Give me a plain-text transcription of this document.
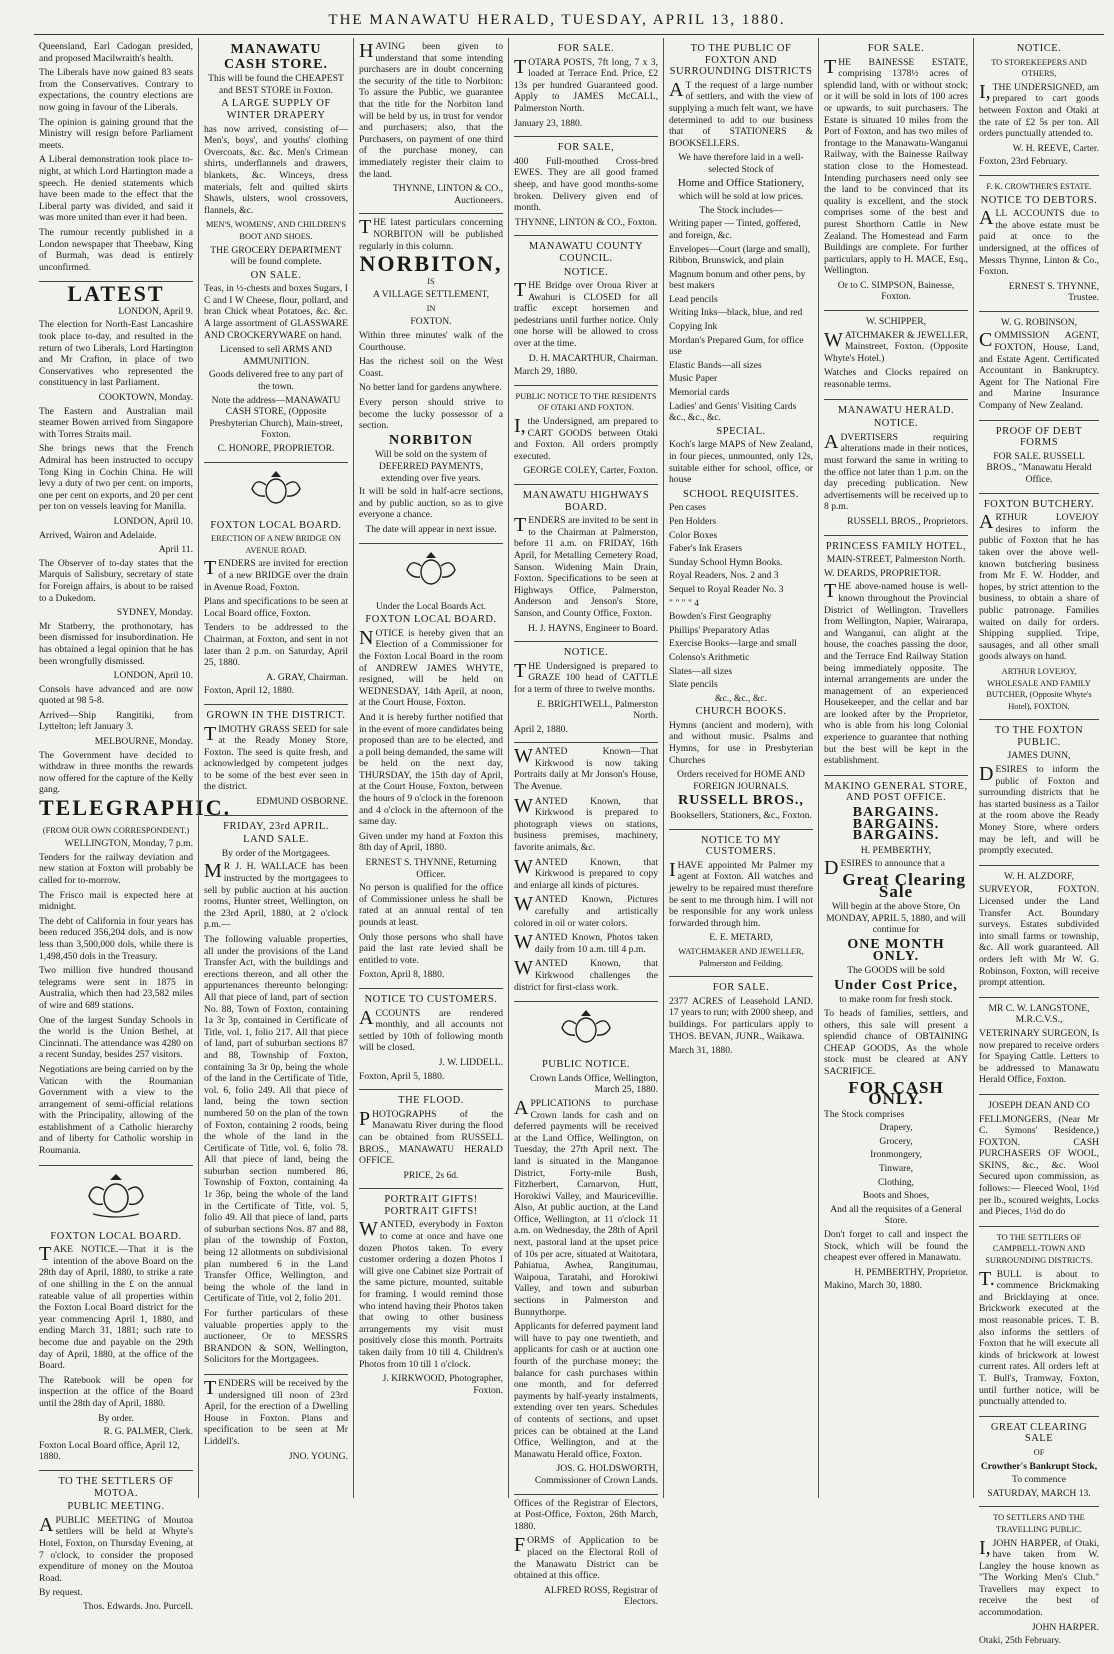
THE MANAWATU HERALD, TUESDAY, APRIL 13, 1880.

Queensland, Earl Cadogan presided, and proposed Macilwraith's health.

The Liberals have now gained 83 seats from the Conservatives. Contrary to expectations, the country elections are now going in favour of the Liberals.

The opinion is gaining ground that the Ministry will resign before Parliament meets.

A Liberal demonstration took place to-night, at which Lord Hartington made a speech. He denied statements which have been made to the effect that the Liberal party was divided, and said it was more united than ever it had been.

The rumour recently published in a London newspaper that Theebaw, King of Burmah, was dead is entirely unconfirmed.

LATEST

LONDON, April 9.

The election for North-East Lancashire took place to-day, and resulted in the return of two Liberals, Lord Hartington and Mr Crafton, in place of two Conservatives who represented the constituency in last Parliament.

COOKTOWN, Monday.

The Eastern and Australian mail steamer Bowen arrived from Singapore with Torres Straits mail.

She brings news that the French Admiral has been instructed to occupy Tong King in Cochin China. He will levy a duty of two per cent. on imports, one per cent on exports, and 20 per cent per ton on vessels leaving for Manilla.

LONDON, April 10.

Arrived, Wairon and Adelaide.

April 11.

The Observer of to-day states that the Marquis of Salisbury, secretary of state for Foreign affairs, is about to be raised to a Dukedom.

SYDNEY, Monday.

Mr Statberry, the prothonotary, has been dismissed for insubordination. He has obtained a legal opinion that he has been wrongfully dismissed.

LONDON, April 10.

Consols have advanced and are now quoted at 98 5-8.

Arrived—Ship Rangitiki, from Lyttelton; left January 3.

MELBOURNE, Monday.

The Government have decided to withdraw in three months the rewards now offered for the capture of the Kelly gang.

TELEGRAPHIC.

(FROM OUR OWN CORRESPONDENT.)

WELLINGTON, Monday, 7 p.m.

Tenders for the railway deviation and new station at Foxton will probably be called for to-morrow.

The Frisco mail is expected here at midnight.

The debt of California in four years has been reduced 356,204 dols, and is now less than 3,500,000 dols, while there is 1,498,450 dols in the Treasury.

Two million five hundred thousand telegrams were sent in 1875 in Australia, which then had 23,582 miles of wire and 689 stations.

One of the largest Sunday Schools in the world is the Union Bethel, at Cincinnati. The attendance was 4280 on a recent Sunday, besides 257 visitors.

Negotiations are being carried on by the Vatican with the Roumanian Government with a view to the arrangement of semi-official relations with the Principality, allowing of the establishment of a Catholic hierarchy and of liberty for Catholic worship in Roumania.

FOXTON LOCAL BOARD.

TAKE NOTICE.—That it is the intention of the above Board on the 28th day of April, 1880, to strike a rate of one shilling in the £ on the annual rateable value of all properties within the Foxton Local Board district for the year commencing April 1, 1880, and ending March 31, 1881; such rate to become due and payable on the 29th day of April, 1880, at the office of the Board.

The Ratebook will be open for inspection at the office of the Board until the 28th day of April, 1880.

By order.

R. G. PALMER, Clerk.

Foxton Local Board office, April 12, 1880.

TO THE SETTLERS OF MOTOA.
PUBLIC MEETING.

APUBLIC MEETING of Moutoa settlers will be held at Whyte's Hotel, Foxton, on Thursday Evening, at 7 o'clock, to consider the proposed expenditure of money on the Moutoa Road.

By request.

Thos. Edwards. Jno. Purcell.

MANAWATU
CASH STORE.

This will be found the CHEAPEST and BEST STORE in Foxton.

A LARGE SUPPLY OF WINTER DRAPERY

has now arrived, consisting of—Men's, boys', and youths' clothing Overcoats, &c. &c. Men's Crimean shirts, underflannels and drawers, blankets, &c. Winceys, dress materials, felt and quilted skirts Shawls, ulsters, wool crossovers, flannels, &c.

MEN'S, WOMENS', AND CHILDREN'S BOOT AND SHOES.

THE GROCERY DEPARTMENT will be found complete.

ON SALE.

Teas, in ½-chests and boxes Sugars, I C and I W Cheese, flour, pollard, and bran Chick wheat Potatoes, &c. &c. A large assortment of GLASSWARE AND CROCKERYWARE on hand.

Licensed to sell ARMS AND AMMUNITION.

Goods delivered free to any part of the town.

Note the address—MANAWATU CASH STORE, (Opposite Presbyterian Church), Main-street, Foxton.

C. HONORE, PROPRIETOR.

FOXTON LOCAL BOARD.
ERECTION OF A NEW BRIDGE ON AVENUE ROAD.

TENDERS are invited for erection of a new BRIDGE over the drain in Avenue Road, Foxton.

Plans and specifications to be seen at Local Board office, Foxton.

Tenders to be addressed to the Chairman, at Foxton, and sent in not later than 2 p.m. on Saturday, April 25, 1880.

A. GRAY, Chairman.

Foxton, April 12, 1880.

GROWN IN THE DISTRICT.

TIMOTHY GRASS SEED for sale at the Ready Money Store, Foxton. The seed is quite fresh, and acknowledged by competent judges to be some of the best ever seen in the district.

EDMUND OSBORNE.

FRIDAY, 23rd APRIL.
LAND SALE.

By order of the Mortgagees.

MR J. H. WALLACE has been instructed by the mortgagees to sell by public auction at his auction rooms, Hunter street, Wellington, on the 23rd April, 1880, at 2 o'clock p.m.—

The following valuable properties, all under the provisions of the Land Transfer Act, with the buildings and erections thereon, and all other the appurtenances thereunto belonging: All that piece of land, part of section No. 88, Town of Foxton, containing 1a 3r 3p, contained in Certificate of Title, vol. 1, folio 217. All that piece of land, part of suburban sections 87 and 88, Township of Foxton, containing 3a 3r 0p, being the whole of the land in the Certificate of Title, vol. 6, folio 249. All that piece of land, being the town section numbered 50 on the plan of the town of Foxton, containing 2 roods, being the whole of the land in the Certificate of Title, vol. 6, folio 78. All that piece of land, being the suburban section numbered 86, Township of Foxton, containing 4a 1r 36p, being the whole of the land in the Certificate of Title, vol. 5, folio 49. All that piece of land, parts of suburban sections Nos. 87 and 88, plan of the township of Foxton, being 12 allotments on subdivisional plan numbered 6 in the Land Transfer Office, Wellington, and being the whole of the land in Certificate of Title, vol 2, folio 201.

For further particulars of these valuable properties apply to the auctioneer, Or to MESSRS BRANDON & SON, Wellington, Solicitors for the Mortgagees.

TENDERS will be received by the undersigned till noon of 23rd April, for the erection of a Dwelling House in Foxton. Plans and specification to be seen at Mr Liddell's.

JNO. YOUNG.

HAVING been given to understand that some intending purchasers are in doubt concerning the security of the title to Norbiton: To assure the Public, we guarantee that the title for the Norbiton land will be held by us, in trust for vendor and purchasers; also, that the Purchasers, on payment of one third of the purchase money, can immediately register their claim to the land.

THYNNE, LINTON & CO., Auctioneers.

THE latest particulars concerning NORBITON will be published regularly in this column.

NORBITON,

IS

A VILLAGE SETTLEMENT,

IN

FOXTON.

Within three minutes' walk of the Courthouse.

Has the richest soil on the West Coast.

No better land for gardens anywhere.

Every person should strive to become the lucky possessor of a section.

NORBITON

Will be sold on the system of DEFERRED PAYMENTS, extending over five years.

It will be sold in half-acre sections, and by public auction, so as to give everyone a chance.

The date will appear in next issue.

Under the Local Boards Act.

FOXTON LOCAL BOARD.

NOTICE is hereby given that an Election of a Commissioner for the Foxton Local Board in the room of ANDREW JAMES WHYTE, resigned, will be held on WEDNESDAY, 14th April, at noon, at the Court House, Foxton.

And it is hereby further notified that in the event of more candidates being proposed than are to be elected, and a poll being demanded, the same will be held on the next day, THURSDAY, the 15th day of April, at the Court House, Foxton, between the hours of 9 o'clock in the forenoon and 4 o'clock in the afternoon of the same day.

Given under my hand at Foxton this 8th day of April, 1880.

ERNEST S. THYNNE, Returning Officer.

No person is qualified for the office of Commissioner unless he shall be rated at an annual rental of ten pounds at least.

Only those persons who shall have paid the last rate levied shall be entitled to vote.

Foxton, April 8, 1880.

NOTICE TO CUSTOMERS.

ACCOUNTS are rendered monthly, and all accounts not settled by 10th of following month will be closed.

J. W. LIDDELL.

Foxton, April 5, 1880.

THE FLOOD.

PHOTOGRAPHS of the Manawatu River during the flood can be obtained from RUSSELL BROS., MANAWATU HERALD OFFICE.

PRICE, 2s 6d.

PORTRAIT GIFTS! PORTRAIT GIFTS!

WANTED, everybody in Foxton to come at once and have one dozen Photos taken. To every customer ordering a dozen Photos I will give one Cabinet size Portrait of the same picture, mounted, suitable for framing. I would remind those who intend having their Photos taken that owing to other business arrangements my visit must positively close this month. Portraits taken daily from 10 till 4. Children's Photos from 10 till 1 o'clock.

J. KIRKWOOD, Photographer, Foxton.

FOR SALE.

TOTARA POSTS, 7ft long, 7 x 3, loaded at Terrace End. Price, £2 13s per hundred Guaranteed good. Apply to JAMES McCALL, Palmerston North.

January 23, 1880.

FOR SALE,

400 Full-mouthed Cross-bred EWES. They are all good framed sheep, and have good months-some broken. Delivery given end of month.

THYNNE, LINTON & CO., Foxton.

MANAWATU COUNTY COUNCIL.
NOTICE.

THE Bridge over Oroua River at Awahuri is CLOSED for all traffic except horsemen and pedestrians until further notice. Only one horse will be allowed to cross over at the time.

D. H. MACARTHUR, Chairman.

March 29, 1880.

PUBLIC NOTICE TO THE RESIDENTS OF OTAKI AND FOXTON.

I,the Undersigned, am prepared to CART GOODS between Otaki and Foxton. All orders promptly executed.

GEORGE COLEY, Carter, Foxton.

MANAWATU HIGHWAYS BOARD.

TENDERS are invited to be sent in to the Chairman at Palmerston, before 11 a.m. on FRIDAY, 16th April, for Metalling Cemetery Road, Sanson. Widening Main Drain, Foxton. Specifications to be seen at Highways Office, Palmerston, Anderson and Jenson's Store, Sanson, and County Office, Foxton.

H. J. HAYNS, Engineer to Board.

NOTICE.

THE Undersigned is prepared to GRAZE 100 head of CATTLE for a term of three to twelve months.

E. BRIGHTWELL, Palmerston North.

April 2, 1880.

WANTED Known—That Kirkwood is now taking Portraits daily at Mr Jonson's House, The Avenue.

WANTED Known, that Kirkwood is prepared to photograph views on stations, business premises, machinery, favorite animals, &c.

WANTED Known, that Kirkwood is prepared to copy and enlarge all kinds of pictures.

WANTED Known, Pictures carefully and artistically colored in oil or water colors.

WANTED Known, Photos taken daily from 10 a.m. till 4 p.m.

WANTED Known, that Kirkwood challenges the district for first-class work.

PUBLIC NOTICE.

Crown Lands Office, Wellington, March 25, 1880.

APPLICATIONS to purchase Crown lands for cash and on deferred payments will be received at the Land Office, Wellington, on Tuesday, the 27th April next. The land is situated in the Manganoe District, Forty-mile Bush, Fitzherbert, Carnarvon, Hutt, Horokiwi Valley, and Mauricevillie. Also, At public auction, at the Land Office, Wellington, at 11 o'clock 11 a.m. on Wednesday, the 28th of April next, pastoral land at the upset price of 10s per acre, situated at Waitotara, Pahiatua, Awhea, Rangitumau, Waipoua, Taratahi, and Horokiwi Valley, and town and suburban sections in Palmerston and Bunnythorpe.

Applicants for deferred payment land will have to pay one twentieth, and applicants for cash or at auction one fourth of the purchase money; the balance for cash purchases within one month, and for deferred payments by half-yearly instalments, extending over ten years. Schedules of contents of sections, and upset prices can be obtained at the Land Office, Wellington, and at the Manawatu Herald office, Foxton.

JOS. G. HOLDSWORTH, Commissioner of Crown Lands.

Offices of the Registrar of Electors, at Post-Office, Foxton, 26th March, 1880.

FORMS of Application to be placed on the Electoral Roll of the Manawatu District can be obtained at this office.

ALFRED ROSS, Registrar of Electors.

TO THE PUBLIC OF FOXTON AND SURROUNDING DISTRICTS

AT the request of a large number of settlers, and with the view of supplying a much felt want, we have determined to add to our business that of STATIONERS & BOOKSELLERS.

We have therefore laid in a well-selected Stock of

Home and Office Stationery,

which will be sold at low prices.

The Stock includes—

Writing paper — Tinted, goffered, and foreign, &c.

Envelopes—Court (large and small), Ribbon, Brunswick, and plain

Magnum bonum and other pens, by best makers

Lead pencils

Writing Inks—black, blue, and red

Copying Ink

Mordan's Prepared Gum, for office use

Elastic Bands—all sizes

Music Paper

Memorial cards

Ladies' and Gents' Visiting Cards &c., &c., &c.

SPECIAL.

Koch's large MAPS of New Zealand, in four pieces, unmounted, only 12s, suitable either for school, office, or house

SCHOOL REQUISITES.

Pen cases

Pen Holders

Color Boxes

Faber's Ink Erasers

Sunday School Hymn Books.

Royal Readers, Nos. 2 and 3

Sequel to Royal Reader No. 3

" " " " 4

Bowden's First Geography

Phillips' Preparatory Atlas

Exercise Books—large and small

Colenso's Arithmetic

Slates—all sizes

Slate pencils

&c., &c., &c.

CHURCH BOOKS.

Hymns (ancient and modern), with and without music. Psalms and Hymns, for use in Presbyterian Churches

Orders received for HOME AND FOREIGN JOURNALS.

RUSSELL BROS.,

Booksellers, Stationers, &c., Foxton.

NOTICE TO MY CUSTOMERS.

IHAVE appointed Mr Palmer my agent at Foxton. All watches and jewelry to be repaired must therefore be sent to me through him. I will not be responsible for any work unless forwarded through him.

E. E. METARD,

WATCHMAKER AND JEWELLER, Palmerston and Feilding.

FOR SALE.

2377 ACRES of Leasehold LAND. 17 years to run; with 2000 sheep, and buildings. For particulars apply to THOS. BEVAN, JUNR., Waikawa.

March 31, 1880.

FOR SALE.

THE BAINESSE ESTATE, comprising 1378½ acres of splendid land, with or without stock; or it will be sold in lots of 100 acres or upwards, to suit purchasers. The Estate is situated 10 miles from the Port of Foxton, and has two miles of frontage to the Manawatu-Wanganui Railway, with the Bainesse Railway station close to the Homestead. Intending purchasers need only see the land to be convinced that its quality is excellent, and the stock comprises some of the best and purest Shorthorn Cattle in New Zealand. The Homestead and Farm Buildings are complete. For further particulars, apply to H. MACE, Esq., Wellington.

Or to C. SIMPSON, Bainesse, Foxton.

W. SCHIPPER,

WATCHMAKER & JEWELLER, Mainstreet, Foxton. (Opposite Whyte's Hotel.)

Watches and Clocks repaired on reasonable terms.

MANAWATU HERALD.
NOTICE.

ADVERTISERS requiring alterations made in their notices, must forward the same in writing to the office not later than 1 p.m. on the day preceding publication. New advertisements will be received up to 8 p.m.

RUSSELL BROS., Proprietors.

PRINCESS FAMILY HOTEL,

MAIN-STREET, Palmerston North.

W. DEARDS, PROPRIETOR.

THE above-named house is well-known throughout the Provincial District of Wellington. Travellers from Wellington, Napier, Wairarapa, and Wanganui, can alight at the house, the coaches passing the door, and the Terrace End Railway Station being immediately opposite. The internal arrangements are under the management of an experienced Housekeeper, and the cellar and bar are looked after by the Proprietor, who is able from his long Colonial experience to guarantee that nothing but the best will be kept in the establishment.

MAKINO GENERAL STORE, AND POST OFFICE.
BARGAINS. BARGAINS. BARGAINS.

H. PEMBERTHY,

DESIRES to announce that a

Great Clearing Sale

Will begin at the above Store, On MONDAY, APRIL 5, 1880, and will continue for

ONE MONTH ONLY.

The GOODS will be sold

Under Cost Price,

to make room for fresh stock.

To heads of families, settlers, and others, this sale will present a splendid chance of OBTAINING CHEAP GOODS, As the whole stock must be cleared at ANY SACRIFICE.

FOR CASH ONLY.

The Stock comprises

Drapery,

Grocery,

Ironmongery,

Tinware,

Clothing,

Boots and Shoes,

And all the requisites of a General Store.

Don't forget to call and inspect the Stock, which will be found the cheapest ever offered in Manawatu.

H. PEMBERTHY, Proprietor.

Makino, March 30, 1880.

NOTICE.
TO STOREKEEPERS AND OTHERS,

I,THE UNDERSIGNED, am prepared to cart goods between Foxton and Otaki at the rate of £2 5s per ton. All orders punctually attended to.

W. H. REEVE, Carter.

Foxton, 23rd February.

F. K. CROWTHER'S ESTATE.
NOTICE TO DEBTORS.

ALL ACCOUNTS due to the above estate must be paid at once to the undersigned, at the offices of Messrs Thynne, Linton & Co., Foxton.

ERNEST S. THYNNE, Trustee.

W. G. ROBINSON,

COMMISSION AGENT, FOXTON, House, Land, and Estate Agent. Certificated Accountant in Bankruptcy. Agent for The National Fire and Marine Insurance Company of New Zealand.

PROOF OF DEBT FORMS

FOR SALE. RUSSELL BROS., "Manawatu Herald Office.

FOXTON BUTCHERY.

ARTHUR LOVEJOY desires to inform the public of Foxton that he has taken over the above well-known butchering business from Mr F. W. Hodder, and hopes, by strict attention to the business, to obtain a share of public patronage. Families waited on daily for orders. Shipping supplied. Tripe, sausages, and all other small goods always on hand.

ARTHUR LOVEJOY, WHOLESALE AND FAMILY BUTCHER, (Opposite Whyte's Hotel), FOXTON.

TO THE FOXTON PUBLIC.

JAMES DUNN,

DESIRES to inform the public of Foxton and surrounding districts that he has started business as a Tailor at the room above the Ready Money Store, where orders may be left, and will be promptly executed.

W. H. ALZDORF,

SURVEYOR, FOXTON. Licensed under the Land Transfer Act. Boundary surveys. Estates subdivided into small farms or township, &c. All work guaranteed. All orders left with Mr W. G. Robinson, Foxton, will receive prompt attention.

MR C. W. LANGSTONE, M.R.C.V.S.,

VETERINARY SURGEON, Is now prepared to receive orders for Spaying Cattle. Letters to be addressed to Manawatu Herald Office, Foxton.

JOSEPH DEAN AND CO

FELLMONGERS, (Near Mr C. Symons' Residence,) FOXTON. CASH PURCHASERS OF WOOL, SKINS, &c., &c. Wool Secured upon commission, as follows:— Fleeced Wool, 1½d per lb., scoured weights, Locks and Pieces, 1½d do do

TO THE SETTLERS OF CAMPBELL-TOWN AND SURROUNDING DISTRICTS.

T.BULL is about to commence Brickmaking and Bricklaying at once. Brickwork executed at the most reasonable prices. T. B. also informs the settlers of Foxton that he will execute all kinds of brickwork at lowest current rates. All orders left at T. Bull's, Tramway, Foxton, until further notice, will be punctually attended to.

GREAT CLEARING SALE

OF

Crowther's Bankrupt Stock,

To commence

SATURDAY, MARCH 13.

TO SETTLERS AND THE TRAVELLING PUBLIC.

I,JOHN HARPER, of Otaki, have taken from W. Langley the house known as "The Working Men's Club." Travellers may expect to receive the best of accommodation.

JOHN HARPER.

Otaki, 25th February.
